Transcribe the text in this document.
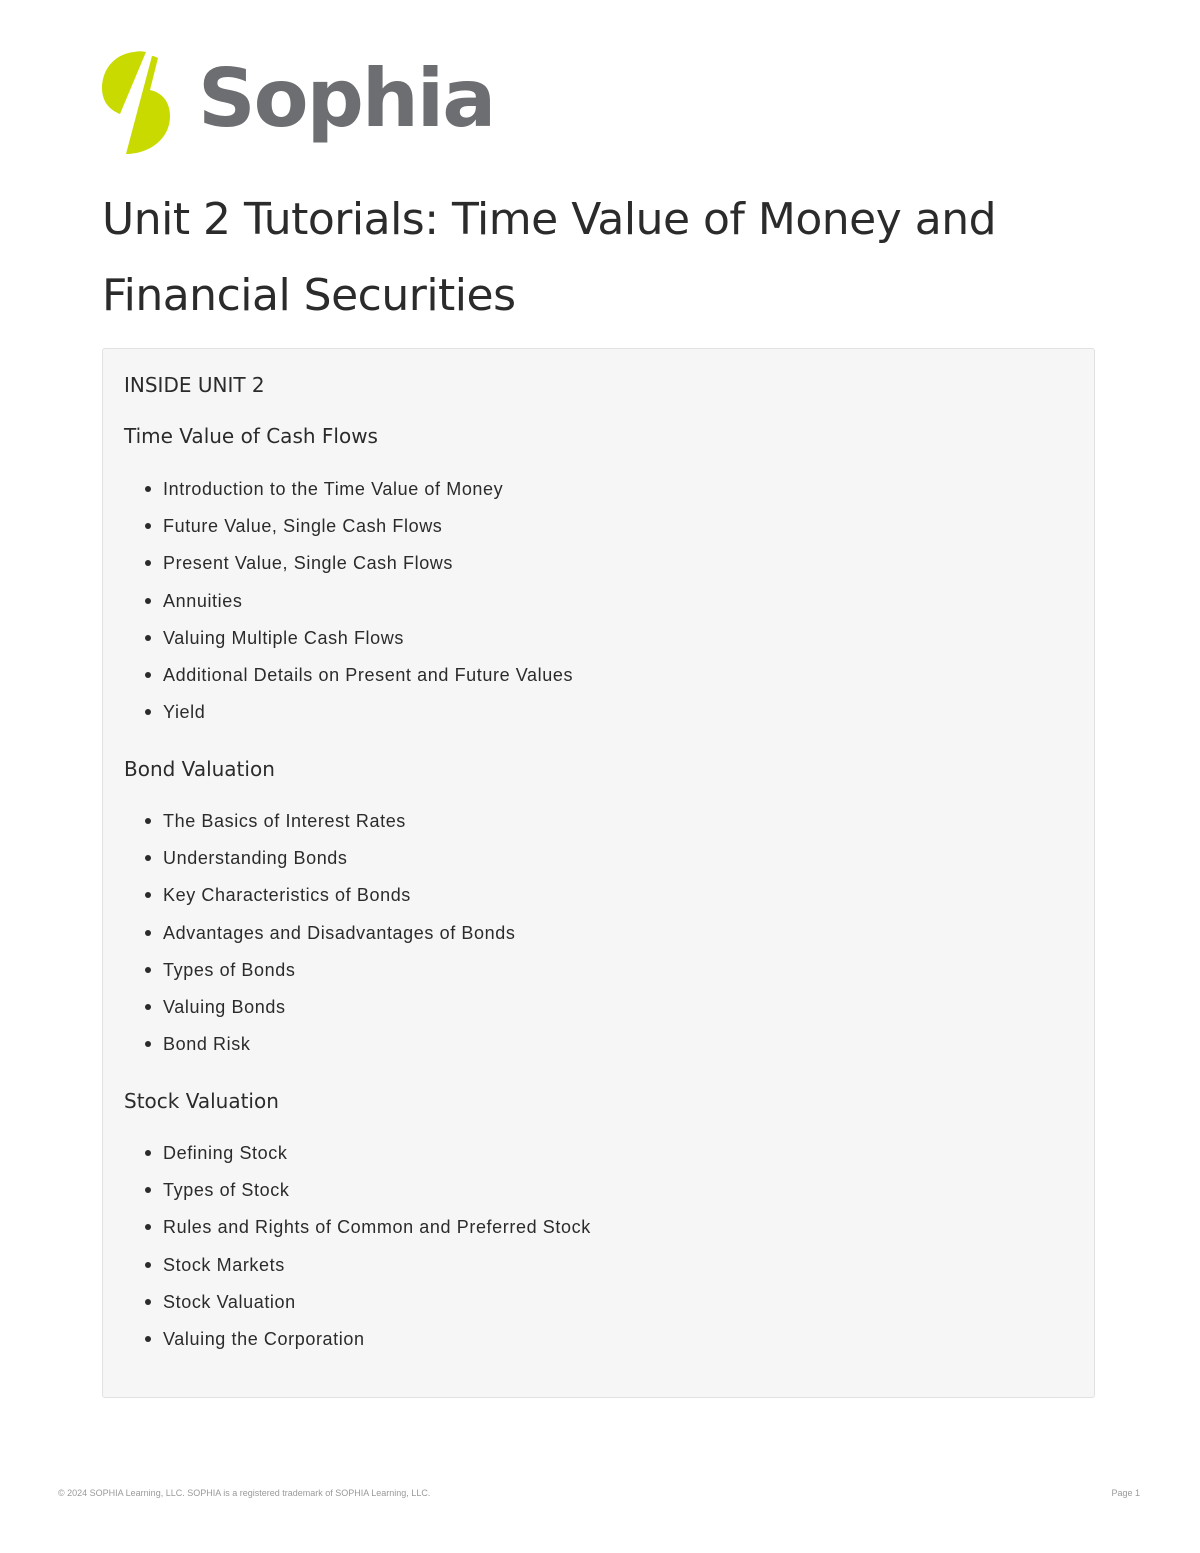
Sophia
Unit 2 Tutorials: Time Value of Money and Financial Securities
INSIDE UNIT 2
Time Value of Cash Flows
Introduction to the Time Value of Money
Future Value, Single Cash Flows
Present Value, Single Cash Flows
Annuities
Valuing Multiple Cash Flows
Additional Details on Present and Future Values
Yield
Bond Valuation
The Basics of Interest Rates
Understanding Bonds
Key Characteristics of Bonds
Advantages and Disadvantages of Bonds
Types of Bonds
Valuing Bonds
Bond Risk
Stock Valuation
Defining Stock
Types of Stock
Rules and Rights of Common and Preferred Stock
Stock Markets
Stock Valuation
Valuing the Corporation
© 2024 SOPHIA Learning, LLC. SOPHIA is a registered trademark of SOPHIA Learning, LLC.	Page 1
